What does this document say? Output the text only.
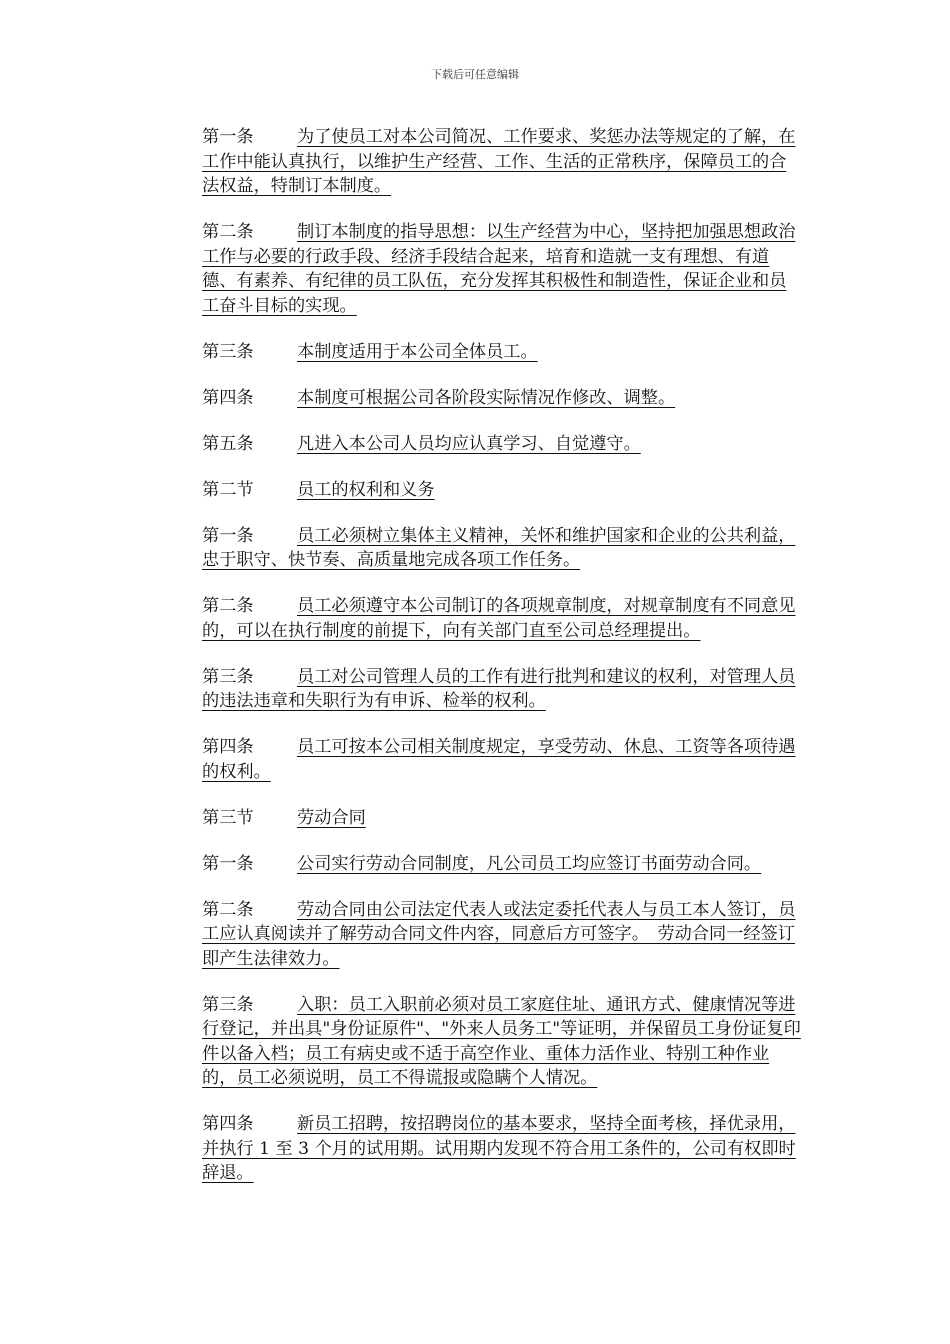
下载后可任意编辑

第一条	为了使员工对本公司简况、工作要求、奖惩办法等规定的了解，在工作中能认真执行，以维护生产经营、工作、生活的正常秩序，保障员工的合法权益，特制订本制度。

第二条	制订本制度的指导思想：以生产经营为中心，坚持把加强思想政治工作与必要的行政手段、经济手段结合起来，培育和造就一支有理想、有道德、有素养、有纪律的员工队伍，充分发挥其积极性和制造性，保证企业和员工奋斗目标的实现。

第三条	本制度适用于本公司全体员工。

第四条	本制度可根据公司各阶段实际情况作修改、调整。

第五条	凡进入本公司人员均应认真学习、自觉遵守。

第二节	员工的权利和义务

第一条	员工必须树立集体主义精神，关怀和维护国家和企业的公共利益，忠于职守、快节奏、高质量地完成各项工作任务。

第二条	员工必须遵守本公司制订的各项规章制度，对规章制度有不同意见的，可以在执行制度的前提下，向有关部门直至公司总经理提出。

第三条	员工对公司管理人员的工作有进行批判和建议的权利，对管理人员的违法违章和失职行为有申诉、检举的权利。

第四条	员工可按本公司相关制度规定，享受劳动、休息、工资等各项待遇的权利。

第三节	劳动合同

第一条	公司实行劳动合同制度，凡公司员工均应签订书面劳动合同。

第二条	劳动合同由公司法定代表人或法定委托代表人与员工本人签订，员工应认真阅读并了解劳动合同文件内容，同意后方可签字。　劳动合同一经签订即产生法律效力。

第三条	入职：员工入职前必须对员工家庭住址、通讯方式、健康情况等进行登记，并出具"身份证原件"、"外来人员务工"等证明，并保留员工身份证复印件以备入档；员工有病史或不适于高空作业、重体力活作业、特别工种作业的，员工必须说明，员工不得谎报或隐瞒个人情况。

第四条	新员工招聘，按招聘岗位的基本要求，坚持全面考核，择优录用，并执行 1 至 3 个月的试用期。试用期内发现不符合用工条件的，公司有权即时辞退。
